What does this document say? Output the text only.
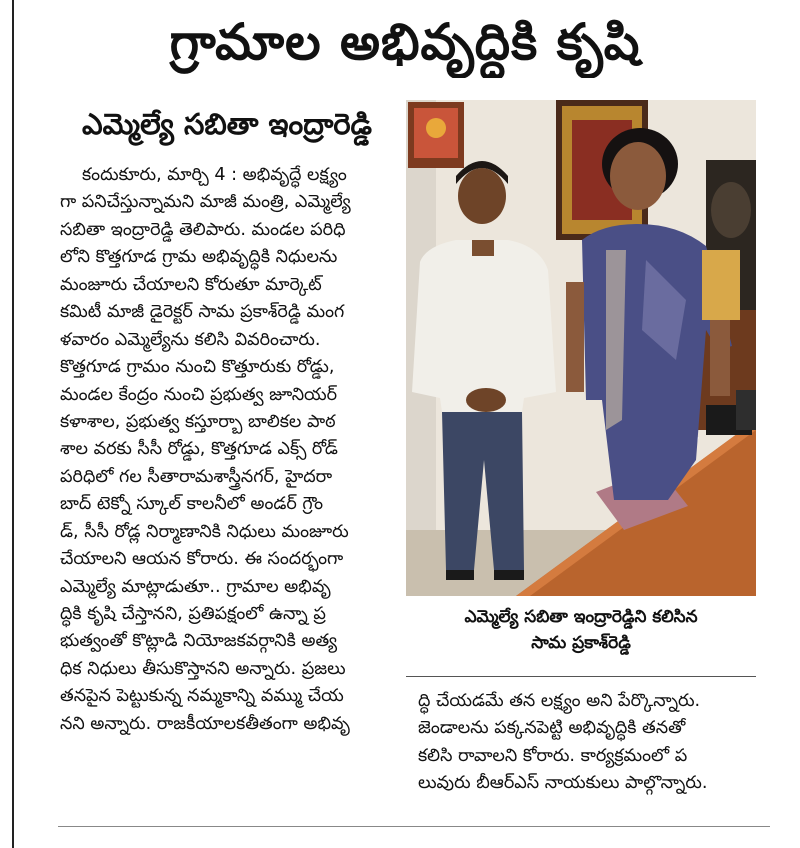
గ్రామాల అభివృద్ధికి కృషి
ఎమ్మెల్యే సబితా ఇంద్రారెడ్డి
కందుకూరు, మార్చి 4 : అభివృద్ధే లక్ష్యం
గా పనిచేస్తున్నామని మాజీ మంత్రి, ఎమ్మెల్యే
సబితా ఇంద్రారెడ్డి తెలిపారు. మండల పరిధి
లోని కొత్తగూడ గ్రామ అభివృద్ధికి నిధులను
మంజూరు చేయాలని కోరుతూ మార్కెట్
కమిటీ మాజీ డైరెక్టర్ సామ ప్రకాశ్‌రెడ్డి మంగ
ళవారం ఎమ్మెల్యేను కలిసి వివరించారు.
కొత్తగూడ గ్రామం నుంచి కొత్తూరుకు రోడ్డు,
మండల కేంద్రం నుంచి ప్రభుత్వ జూనియర్
కళాశాల, ప్రభుత్వ కస్తూర్బా బాలికల పాఠ
శాల వరకు సీసీ రోడ్డు, కొత్తగూడ ఎక్స్ రోడ్
పరిధిలో గల సీతారామశాస్త్రీనగర్, హైదరా
బాద్ టెక్నో స్కూల్ కాలనీలో అండర్ గ్రౌం
డ్, సీసీ రోడ్ల నిర్మాణానికి నిధులు మంజూరు
చేయాలని ఆయన కోరారు. ఈ సందర్భంగా
ఎమ్మెల్యే మాట్లాడుతూ.. గ్రామాల అభివృ
ద్ధికి కృషి చేస్తానని, ప్రతిపక్షంలో ఉన్నా ప్ర
భుత్వంతో కొట్లాడి నియోజకవర్గానికి అత్య
ధిక నిధులు తీసుకొస్తానని అన్నారు. ప్రజలు
తనపైన పెట్టుకున్న నమ్మకాన్ని వమ్ము చేయ
నని అన్నారు. రాజకీయాలకతీతంగా అభివృ
ఎమ్మెల్యే సబితా ఇంద్రారెడ్డిని కలిసిన
సామ ప్రకాశ్‌రెడ్డి
ద్ధి చేయడమే తన లక్ష్యం అని పేర్కొన్నారు.
జెండాలను పక్కనపెట్టి అభివృద్ధికి తనతో
కలిసి రావాలని కోరారు. కార్యక్రమంలో ప
లువురు బీఆర్‌ఎస్ నాయకులు పాల్గొన్నారు.
